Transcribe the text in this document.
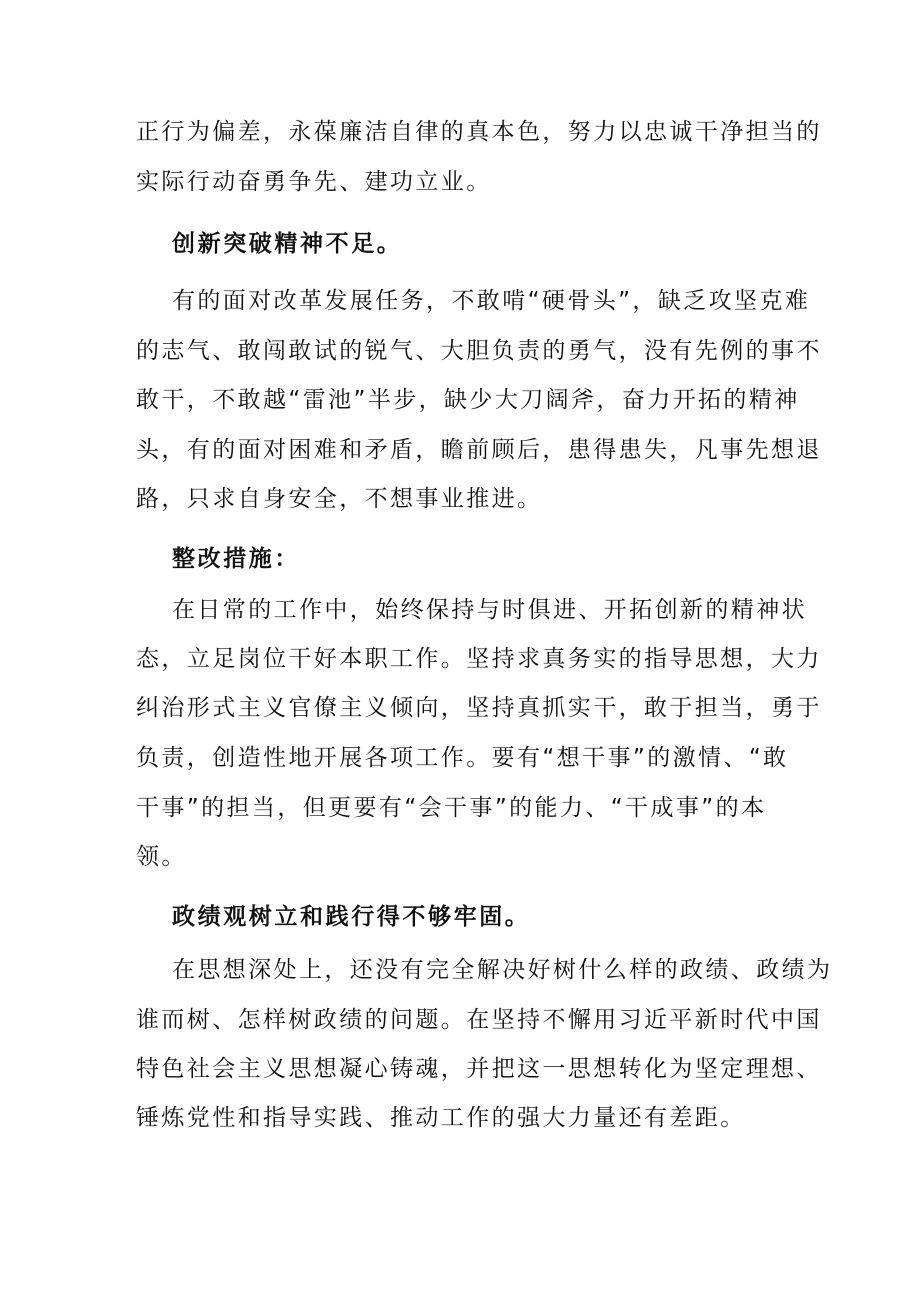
正行为偏差，永葆廉洁自律的真本色，努力以忠诚干净担当的
实际行动奋勇争先、建功立业。
创新突破精神不足。
有的面对改革发展任务，不敢啃“硬骨头”，缺乏攻坚克难
的志气、敢闯敢试的锐气、大胆负责的勇气，没有先例的事不
敢干，不敢越“雷池”半步，缺少大刀阔斧，奋力开拓的精神
头，有的面对困难和矛盾，瞻前顾后，患得患失，凡事先想退
路，只求自身安全，不想事业推进。
整改措施：
在日常的工作中，始终保持与时俱进、开拓创新的精神状
态，立足岗位干好本职工作。坚持求真务实的指导思想，大力
纠治形式主义官僚主义倾向，坚持真抓实干，敢于担当，勇于
负责，创造性地开展各项工作。要有“想干事”的激情、“敢
干事”的担当，但更要有“会干事”的能力、“干成事”的本
领。
政绩观树立和践行得不够牢固。
在思想深处上，还没有完全解决好树什么样的政绩、政绩为
谁而树、怎样树政绩的问题。在坚持不懈用习近平新时代中国
特色社会主义思想凝心铸魂，并把这一思想转化为坚定理想、
锤炼党性和指导实践、推动工作的强大力量还有差距。
